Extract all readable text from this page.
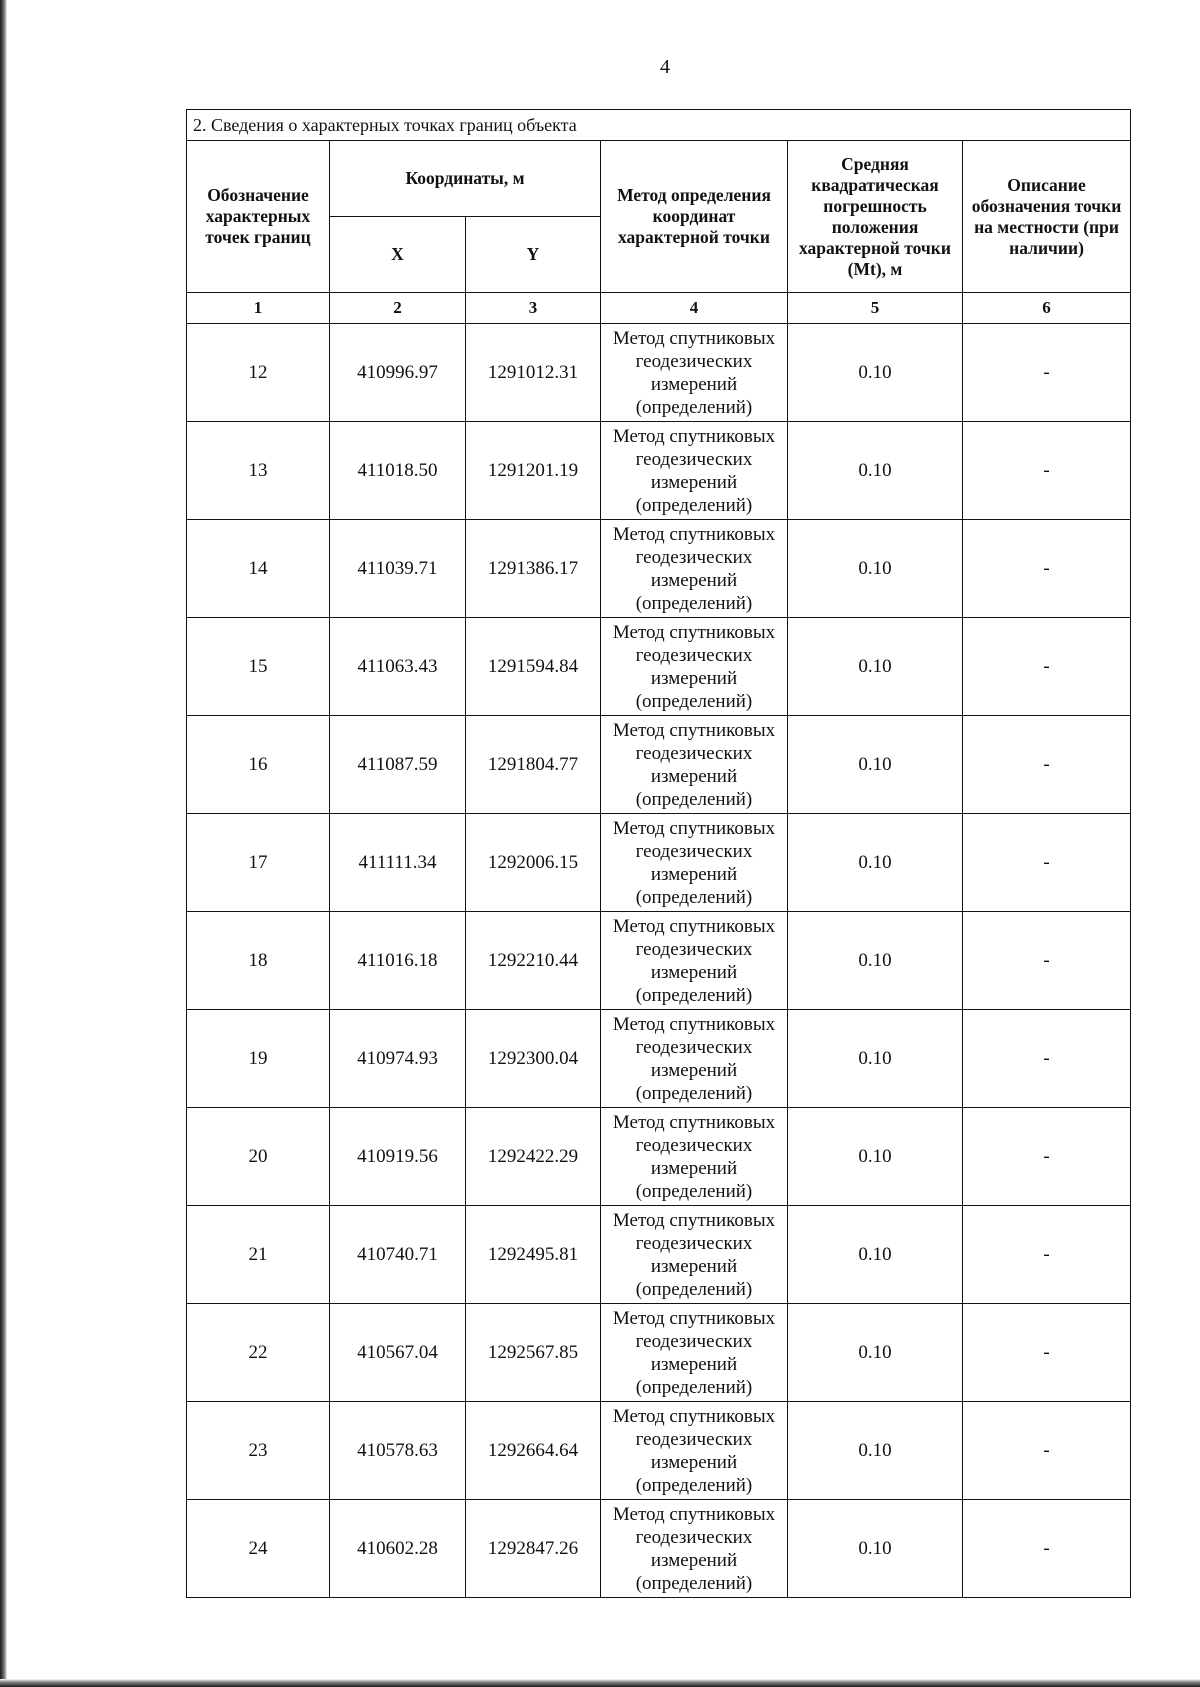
4
2. Сведения о характерных точках границ объекта					
Обозначение характерных точек границ	Координаты, м		Метод определения координат характерной точки	Средняя квадратическая погрешность положения характерной точки (Mt), м	Описание обозначения точки на местности (при наличии)
	X	Y			
1	2	3	4	5	6
12	410996.97	1291012.31	Метод спутниковых
геодезических
измерений
(определений)	0.10	-
13	411018.50	1291201.19	Метод спутниковых
геодезических
измерений
(определений)	0.10	-
14	411039.71	1291386.17	Метод спутниковых
геодезических
измерений
(определений)	0.10	-
15	411063.43	1291594.84	Метод спутниковых
геодезических
измерений
(определений)	0.10	-
16	411087.59	1291804.77	Метод спутниковых
геодезических
измерений
(определений)	0.10	-
17	411111.34	1292006.15	Метод спутниковых
геодезических
измерений
(определений)	0.10	-
18	411016.18	1292210.44	Метод спутниковых
геодезических
измерений
(определений)	0.10	-
19	410974.93	1292300.04	Метод спутниковых
геодезических
измерений
(определений)	0.10	-
20	410919.56	1292422.29	Метод спутниковых
геодезических
измерений
(определений)	0.10	-
21	410740.71	1292495.81	Метод спутниковых
геодезических
измерений
(определений)	0.10	-
22	410567.04	1292567.85	Метод спутниковых
геодезических
измерений
(определений)	0.10	-
23	410578.63	1292664.64	Метод спутниковых
геодезических
измерений
(определений)	0.10	-
24	410602.28	1292847.26	Метод спутниковых
геодезических
измерений
(определений)	0.10	-
